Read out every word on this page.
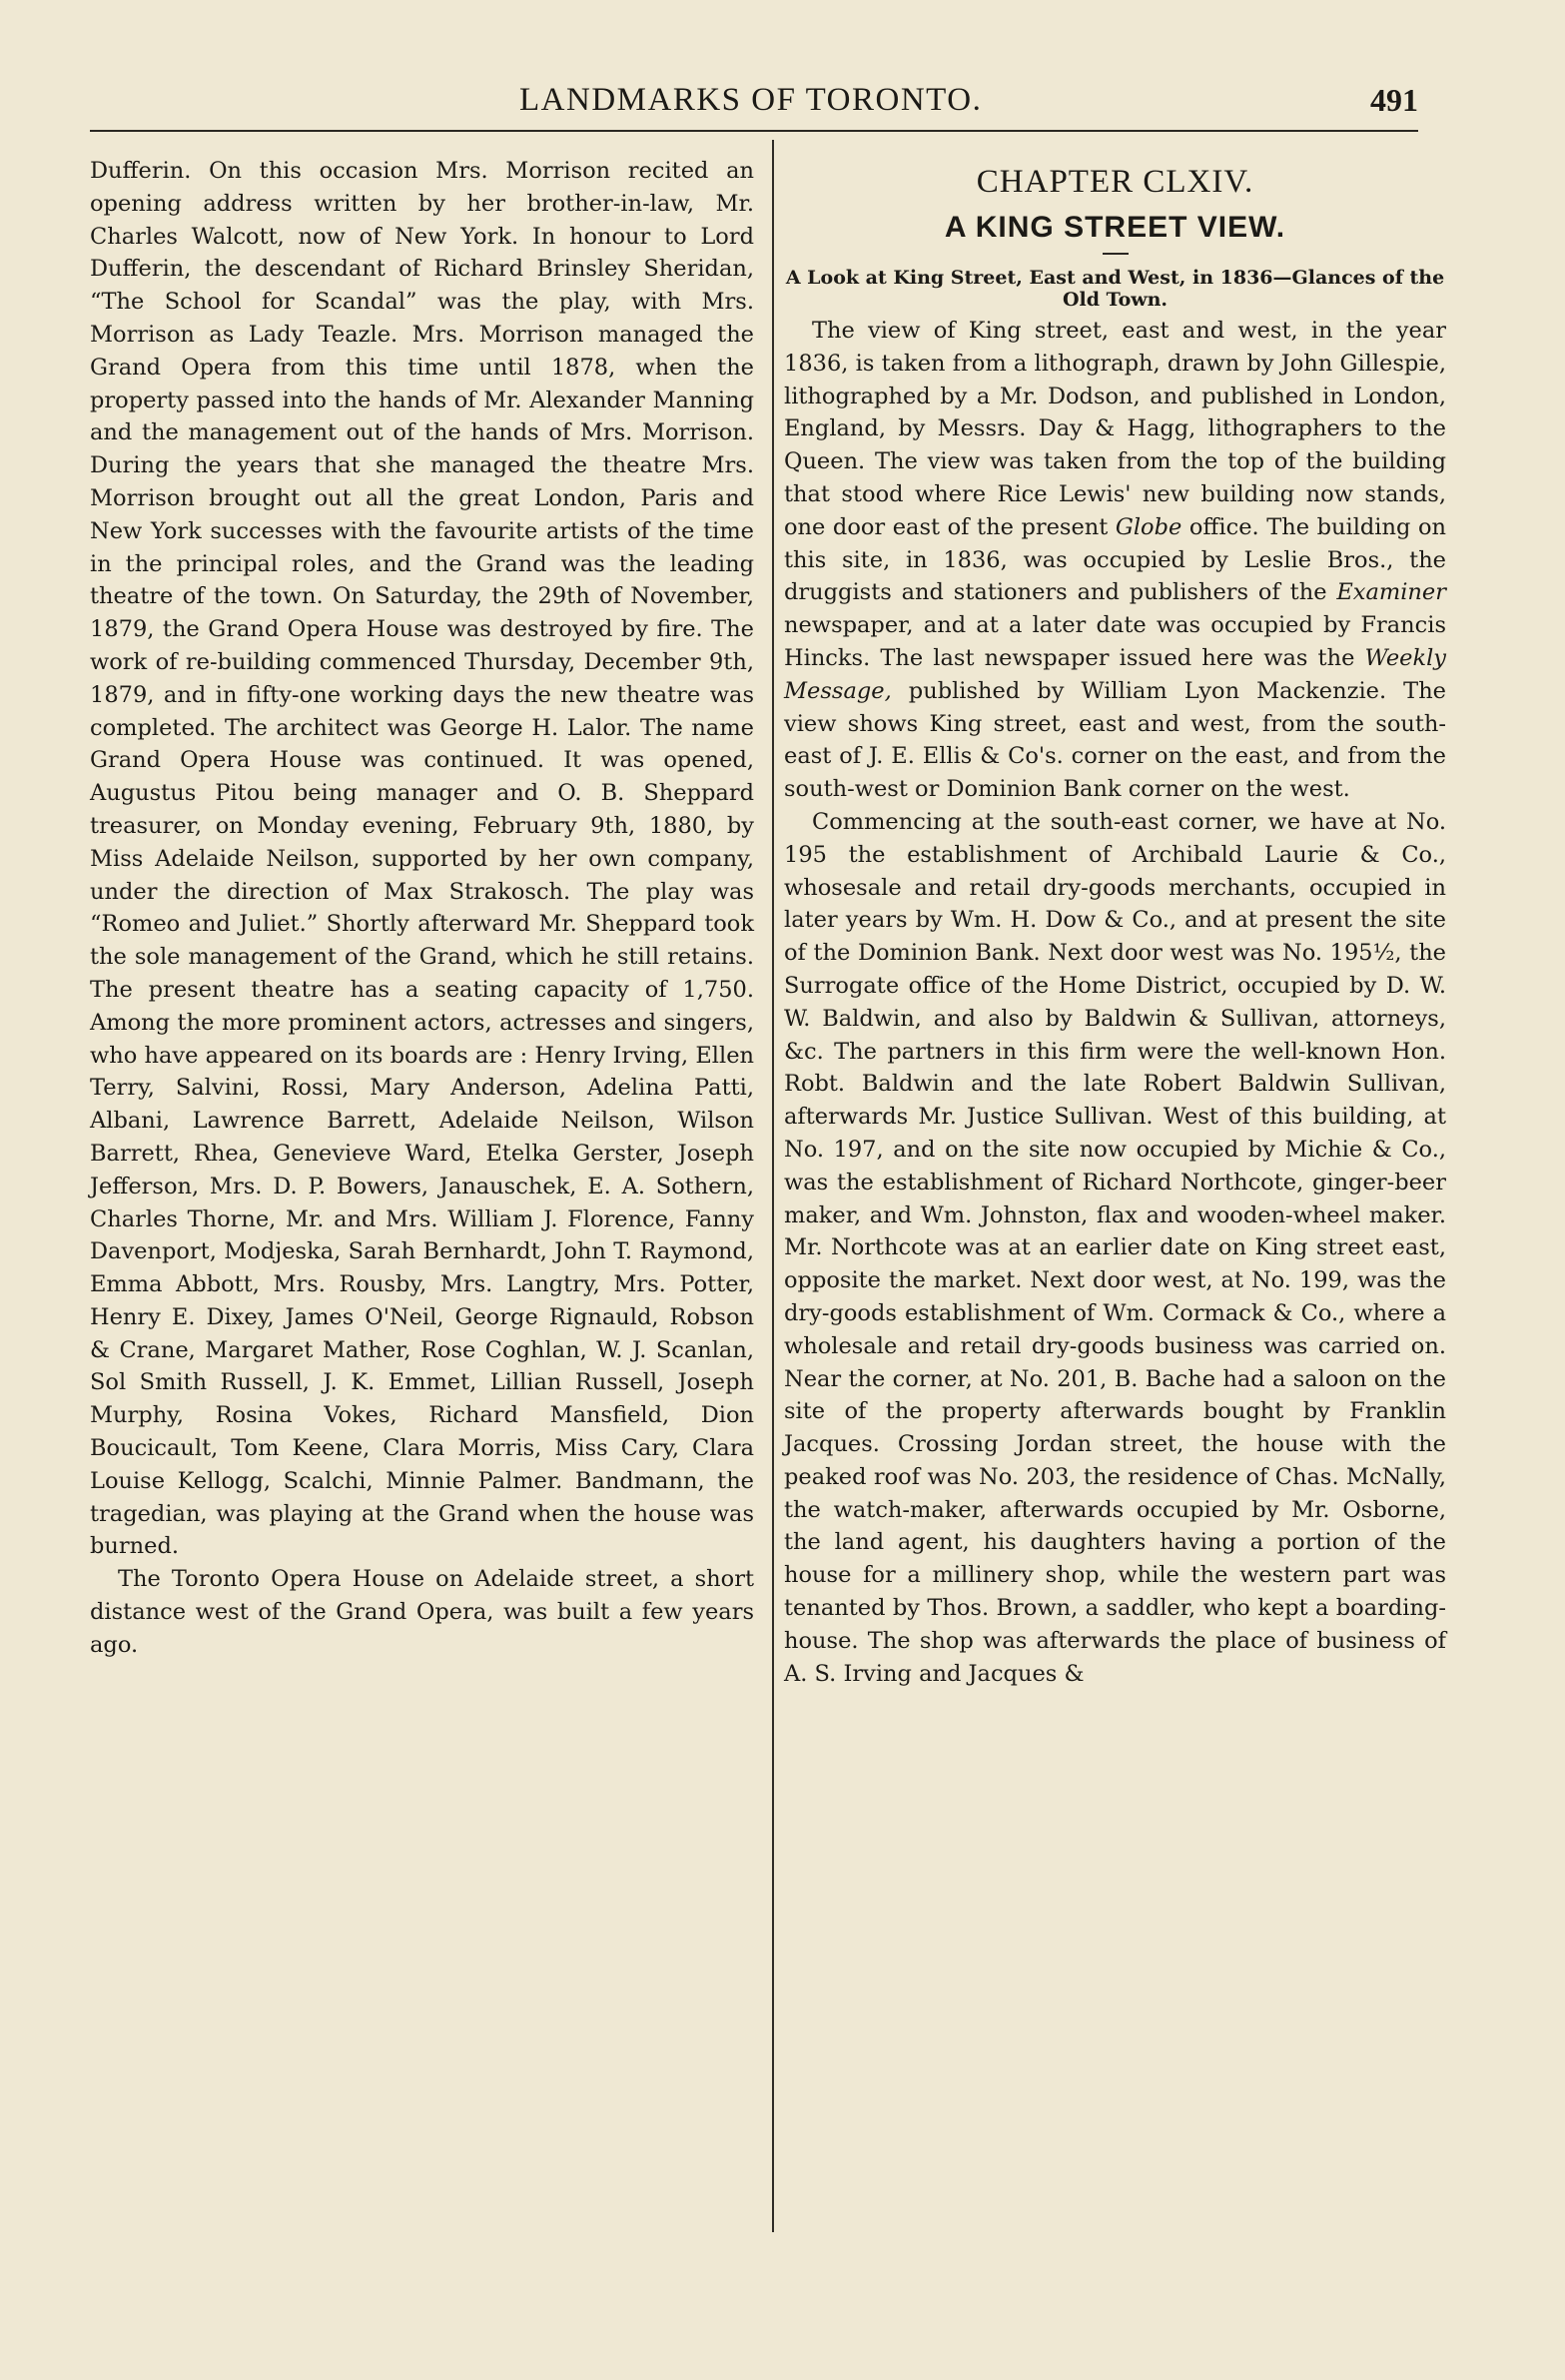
LANDMARKS OF TORONTO.	491

Dufferin. On this occasion Mrs. Morrison recited an opening address written by her brother-in-law, Mr. Charles Walcott, now of New York. In honour to Lord Dufferin, the descendant of Richard Brinsley Sheridan, “The School for Scandal” was the play, with Mrs. Morrison as Lady Teazle. Mrs. Morrison managed the Grand Opera from this time until 1878, when the property passed into the hands of Mr. Alexander Manning and the management out of the hands of Mrs. Morrison. During the years that she managed the theatre Mrs. Morrison brought out all the great London, Paris and New York successes with the favourite artists of the time in the principal roles, and the Grand was the leading theatre of the town. On Saturday, the 29th of November, 1879, the Grand Opera House was destroyed by fire. The work of re-building commenced Thursday, December 9th, 1879, and in fifty-one working days the new theatre was completed. The architect was George H. Lalor. The name Grand Opera House was continued. It was opened, Augustus Pitou being manager and O. B. Sheppard treasurer, on Monday evening, February 9th, 1880, by Miss Adelaide Neilson, supported by her own company, under the direction of Max Strakosch. The play was “Romeo and Juliet.” Shortly afterward Mr. Sheppard took the sole management of the Grand, which he still retains. The present theatre has a seating capacity of 1,750. Among the more prominent actors, actresses and singers, who have appeared on its boards are : Henry Irving, Ellen Terry, Salvini, Rossi, Mary Anderson, Adelina Patti, Albani, Lawrence Barrett, Adelaide Neilson, Wilson Barrett, Rhea, Genevieve Ward, Etelka Gerster, Joseph Jefferson, Mrs. D. P. Bowers, Janauschek, E. A. Sothern, Charles Thorne, Mr. and Mrs. William J. Florence, Fanny Davenport, Modjeska, Sarah Bernhardt, John T. Raymond, Emma Abbott, Mrs. Rousby, Mrs. Langtry, Mrs. Potter, Henry E. Dixey, James O'Neil, George Rignauld, Robson & Crane, Margaret Mather, Rose Coghlan, W. J. Scanlan, Sol Smith Russell, J. K. Emmet, Lillian Russell, Joseph Murphy, Rosina Vokes, Richard Mansfield, Dion Boucicault, Tom Keene, Clara Morris, Miss Cary, Clara Louise Kellogg, Scalchi, Minnie Palmer. Bandmann, the tragedian, was playing at the Grand when the house was burned.

The Toronto Opera House on Adelaide street, a short distance west of the Grand Opera, was built a few years ago.

CHAPTER CLXIV.
A KING STREET VIEW.
A Look at King Street, East and West, in 1836—Glances of the Old Town.

The view of King street, east and west, in the year 1836, is taken from a lithograph, drawn by John Gillespie, lithographed by a Mr. Dodson, and published in London, England, by Messrs. Day & Hagg, lithographers to the Queen. The view was taken from the top of the building that stood where Rice Lewis' new building now stands, one door east of the present Globe office. The building on this site, in 1836, was occupied by Leslie Bros., the druggists and stationers and publishers of the Examiner newspaper, and at a later date was occupied by Francis Hincks. The last newspaper issued here was the Weekly Message, published by William Lyon Mackenzie. The view shows King street, east and west, from the south-east of J. E. Ellis & Co's. corner on the east, and from the south-west or Dominion Bank corner on the west.

Commencing at the south-east corner, we have at No. 195 the establishment of Archibald Laurie & Co., whosesale and retail dry-goods merchants, occupied in later years by Wm. H. Dow & Co., and at present the site of the Dominion Bank. Next door west was No. 195½, the Surrogate office of the Home District, occupied by D. W. W. Baldwin, and also by Baldwin & Sullivan, attorneys, &c. The partners in this firm were the well-known Hon. Robt. Baldwin and the late Robert Baldwin Sullivan, afterwards Mr. Justice Sullivan. West of this building, at No. 197, and on the site now occupied by Michie & Co., was the establishment of Richard Northcote, ginger-beer maker, and Wm. Johnston, flax and wooden-wheel maker. Mr. Northcote was at an earlier date on King street east, opposite the market. Next door west, at No. 199, was the dry-goods establishment of Wm. Cormack & Co., where a wholesale and retail dry-goods business was carried on. Near the corner, at No. 201, B. Bache had a saloon on the site of the property afterwards bought by Franklin Jacques. Crossing Jordan street, the house with the peaked roof was No. 203, the residence of Chas. McNally, the watch-maker, afterwards occupied by Mr. Osborne, the land agent, his daughters having a portion of the house for a millinery shop, while the western part was tenanted by Thos. Brown, a saddler, who kept a boarding-house. The shop was afterwards the place of business of A. S. Irving and Jacques &
